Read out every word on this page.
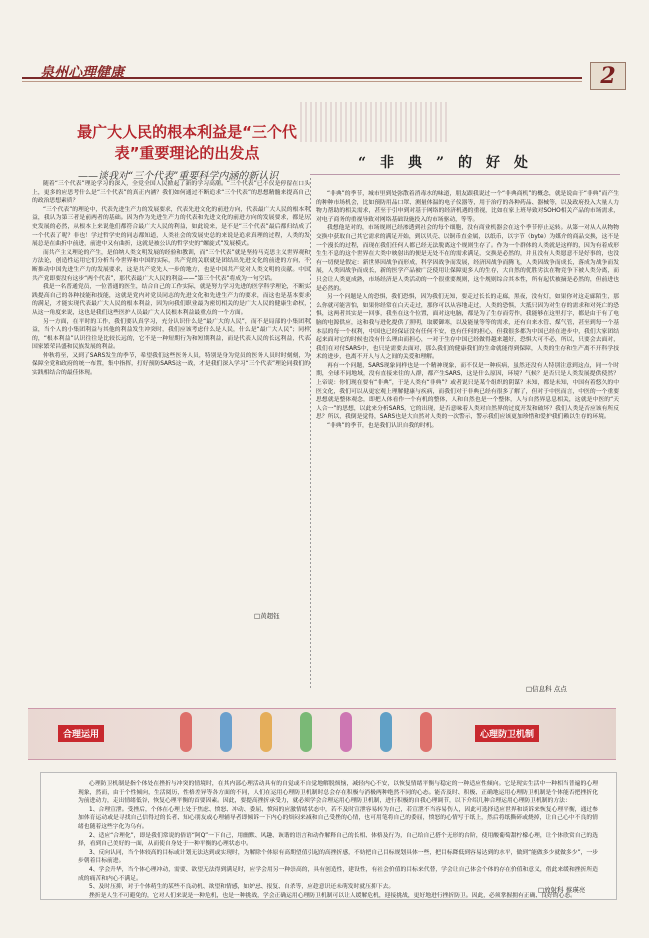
泉州心理健康	2
最广大人民的根本利益是“三个代表”重要理论的出发点
——谈我对“三个代表”重要科学内涵的新认识

随着“三个代表”理论学习的深入，全党全国人民掀起了新的学习高潮。“三个代表”已不仅是停留在口头上，更多的应思考什么是“三个代表”的真正内涵？我们如何通过不断追求“三个代表”的思想精髓来提高自己的政治思想素质？

“三个代表”的理论中，代表先进生产力的发展要求，代表先进文化的前进方向，代表最广大人民的根本利益，我认为第三者是前两者的基础。因为作为先进生产力的代表和先进文化的前进方向的发展要求，都是历史发展的必然，从根本上来说他们都符合最广大人民的利益，如此说来，是不是“三个代表”最后都归结成了一个代表了呢？非也！学过哲学史的同志都知道，人类社会的发展史总的来说是追求真理的过程，人类的发展总是在曲折中前进，前进中又有曲折，这就是被公认的哲学史的“螺旋式”发展模式。

而共产主义理论的产生，是伯纳人类文明发展的经验和教训，而“三个代表”就是坚持马克思主义世界观和方法论，创造性运用它们分析当今世界和中国的实际，共产党的关联就是团结出先进文化的前进的方向，不断推动中国先进生产力的发展要求，这是共产党先人一步的地方，也是中国共产党对人类文明的贡献。中国共产党即要没有这步“两个代表”，那代表最广大人民的利益——“第三个代表”将成为一句空话。

我是一名普通党员，一位普通的医生，结合自己的工作实际，就是努力学习先进的医学科学理论，不断实践提高自己的各种技能和技能，这就是党内对党员同志的先进文化和先进生产力的要求，而这也是基本要求的满足，才能实现代表最广大人民的根本利益，因为向我们职业最为密切相关的是广大人民的健康生命权，从这一角度来说，这也是我们这些医护人员最广大人民根本利益最重点的一个方面。

另一方面，在平时的工作，我们要认真学习，充分认识什么是“最广大的人民”，而不是局部的小集团利益，当个人的小集团利益与其他的利益发生冲突时，我们应该考虑什么是人民，什么是“最广大人民”；同样的，“根本利益”认识往往是比较长远的，它不是一种短期行为和短期利益，而是代表人民的长远利益，代表国家繁荣昌盛和民族发展的利益。

仲秋将至，又到了SARS发生的季节，希望我们这些医务人员，特别是身为党员的医务人员时时刻刻，为保障全党和政府的统一布置，集中指挥，打好预防SARS这一战，才是我们深入学习“三个代表”理论同我们的实践相结合的最佳体现。

□黄超钰
“非典”的好处

“非典”的季节，城市里到处弥散着消毒水的味道，朋友跟我说过一个“非典商机”的概念，就是说由于“非典”而产生的种种市场机会，比如预防用品口罩、测量体温的电子仪器等，用于治疗的各种药品、器械等，以及政府投入大量人力物力帮助的相关需求，甚至于引申到对基于网络的经济机遇的重视，比如在家上班导致对SOHO相关产品的市场需求，对电子商务的重视导致对网络基础设施投入的市场驱动，等等。

我想他是对的，市场规则已经渗透到社会的每个细胞，没有商业机器会在这个季节停止运转。从第一对从人从物物交换中获取自己其它需求的满足开始，到以贝壳、以铜币直金属，以纸币，以字节（byte）为媒介的商品交换，这不是一个漫长的过程，而现在我们任何人都已经无法脱离这个规则生存了。作为一个群体的人类就是这样的，因为有着成形生生不息的这个世界在大类中映射出的便是无处不在的需求满足，交换是必然的，并且没有人类愿意不是好事的，也没有一切便是假定：新世界因战争而形成，科学因战争而发展，经济因战争而腾飞，人类因战争而成长，落成为战争而发展，人类因战争而成长，新的医学产品被广泛使用让保障更多人的生存，大自然的优胜劣汰在物竞争下被人类分离，而只会让人类更成熟，市场经济是人类活动的一个很重要规则，这个规则综合其本性，所有起伏被摘是必然的，但前进也是必然的。

另一个问题是人的恐惧，我们恐惧，因为我们无知，要走过长长的走廊，黑夜，没有灯，如果你对这走廊陌生，那么你就可能害怕，如果你经常在白天走过，那你可以从容地走过，人类的恐惧，大抵只因为对生存的需求和对死亡的恐惧，这两者其实是一回事，我坐在这个位置，面对这电脑，都是为了生存而劳作，我能够在这里打字，都是由于有了电脑的电源供应，这和我与进化提供了照明，取暖御寒，以及能量等等的需求，还有自来水管、煤气管，甚至到每一个基本层的每一个权利，中国也已经保证没有任何不安，也有任何的担心，但我很多都为中国已经在进步中，我们大家团结起来面对它的时候也没有什么理由而担心，一对于生存中国已经做得越来越好，恐惧大可不必，所以，只要会去面对，我们在对付SARS中，也只是需要去面对，那么我们的健康我们的生命就能得到保障，人类的生存和生产离不开科学技术的进步，也离不开人与人之间的关爱和理解。

再有一个问题，SARS现象同样也是一个精神现象，而不仅是一种疾病，虽然还没有人特别注意到这点，同一个时期，全球不同地域，没有直接来往的人群，都产生SARS，这是什么原因，环境？气候？是否只是人类发展提供使然？上帝说：你们现在要有“非典”，于是人类有“非典”？或者说只是某个组织的阴谋？未知，都是未知，中国有着悠久的中医文化，我们可以从更宏观上理解健康与疾病，而我们对于非典已经有很多了解了，但对于中医而言，中医的一个重要思想就是整体观念，即把人体看作一个有机的整体，人和自然也是一个整体，人与自然界息息相关，这就是中医的“天人合一”的思想，以此来分析SARS，它的出现，是否意味着人类对自然界的过度开发和破坏？我们人类是否应该有所反思？所以，我倒是觉得，SARS也是大自然对人类的一次警示，警示我们应该更加珍惜和爱护我们赖以生存的环境。

“非典”的季节，也是我们认识自我的时机。

□信息科 点点
合理运用	心理防卫机制

心理防卫机制是指个体处在挫折与冲突的情境时，在其内部心理活动具有的自觉或不自觉地解脱烦恼，减轻内心不安，以恢复情绪平衡与稳定的一种适应性倾向。它是现实生活中一种相当普遍的心理现象，然而，由于个性倾向，生活阅历，性格差异等各方面的不同，人们在运用心理防卫机制时总会存在积极与消极两种绝然不同的心态。能否及时、积极、正确地运用心理防卫机制是个体能否把挫折化为前进动力，走出情绪低谷，恢复心理平衡的首要因素。因此，要提高挫折承受力，就必须学会合理运用心理防卫机制，进行积极的自我心理调节，以下介绍几种合理运用心理防卫机制的方法：

1、合理宣泄。受挫后，个体在心理上处于焦虑、愤怒、冲动、委屈、愤闷的应激情绪状态中，若不及时宣泄容易转为自己，若宣泄不当容易伤人，因此可选择适应世界和谈诉来恢复心理平衡，通过参加体育运动或是寻找自己信得过的长者、知心朋友或心理辅导者即倾诉一下内心的烦闷来减和自己受挫的心情，也可用笔将自己的委屈，愤怒的心情写于纸上，然后将纸撕碎或烧掉，让自己心中不良的情绪也随着这些字化为乌有。

2、适应“合理化”，即是我们常说的俗语“阿Q”一下自己，用幽默、风趣、诙谐的语言和动作解释自己的长相、体格及行为，自己给自己搭个无形的台阶，使用酸葡萄甜柠檬心理，让个体欣赏自己的选择，看到自己美好的一面，从而使自身处于一种平衡的心理状态中。

3、反向认同，当个体较高的目标或计划无法达到或实现时，为解除个体原有高期望值引起的高挫折感，不妨把自己目标规划具体一些，把目标降低到容易达到的水平，做到“能做多少就做多少”，一步步朝着目标前进。

4、学会升华，当个体心理冲动，需要、欲望无法得到满足时，应学会用另一种崇高的，具有创造性，建设性，有社会价值的目标来代替，学会让自己体会个体的存在价值和意义，借此来缓和挫折所造成的痛苦和内心不满足。

5、及时压抑，对于个体萌生的某些不良动机、欲望和情感，如妒忌、报复、自杀等，应趁意识还未萌发时就压抑下去。

挫折是人生不可避免的，它对人们来说是一种危机，也是一种挑战，学会正确运用心理防卫机制可以让人缓解危机，迎接挑战，更好地进行挫折防卫。因此，必须掌握拥有正确、良好的心态。

□放射科 蔡瑛亮
